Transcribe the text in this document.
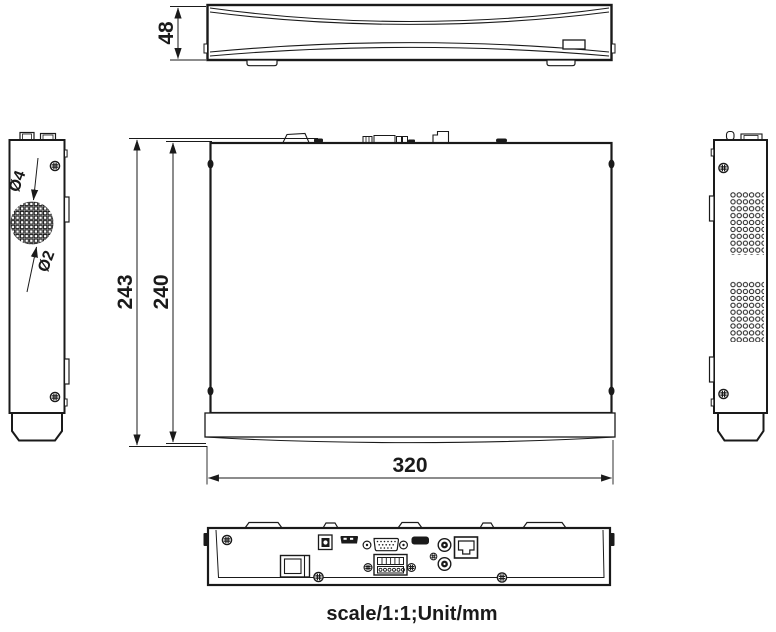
48
Ø4
Ø2
243 240
320
scale/1:1;Unit/mm
